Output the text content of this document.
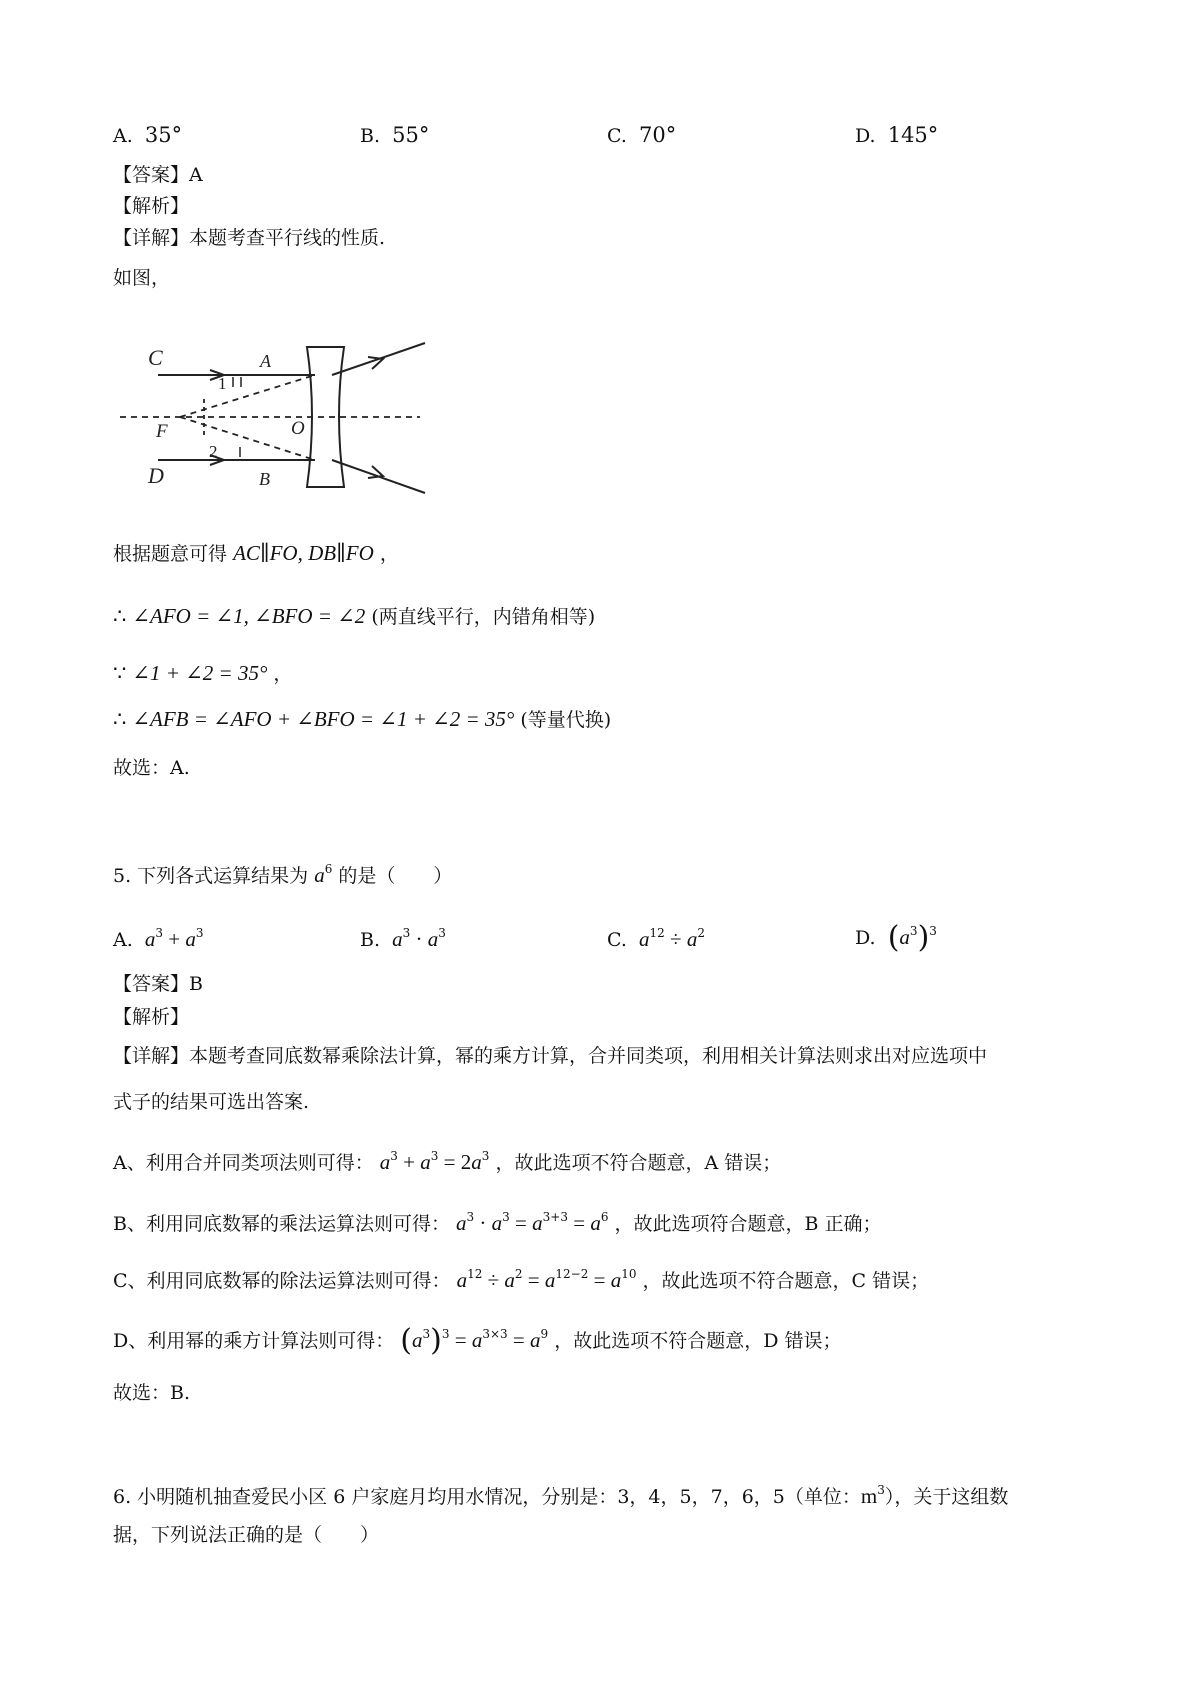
A. 35°	B. 55°	C. 70°	D. 145°
【答案】A
【解析】
【详解】本题考查平行线的性质.
如图，
C	A
F	O
D	B
1
2
根据题意可得 AC∥FO, DB∥FO ，
∴ ∠AFO = ∠1, ∠BFO = ∠2 (两直线平行，内错角相等)
∵ ∠1 + ∠2 = 35° ，
∴ ∠AFB = ∠AFO + ∠BFO = ∠1 + ∠2 = 35° (等量代换)
故选：A.
5. 下列各式运算结果为 $a^6$ 的是（　　）
A. $a^3 + a^3$	B. $a^3 \cdot a^3$	C. $a^{12} \div a^2$	D. $(a^3)^3$
【答案】B
【解析】
【详解】本题考查同底数幂乘除法计算，幂的乘方计算，合并同类项，利用相关计算法则求出对应选项中
式子的结果可选出答案.
A、利用合并同类项法则可得： $a^3 + a^3 = 2a^3$ ，故此选项不符合题意，A 错误；
B、利用同底数幂的乘法运算法则可得： $a^3 \cdot a^3 = a^{3+3} = a^6$ ，故此选项符合题意，B 正确；
C、利用同底数幂的除法运算法则可得： $a^{12} \div a^2 = a^{12-2} = a^{10}$ ，故此选项不符合题意，C 错误；
D、利用幂的乘方计算法则可得： $(a^3)^3 = a^{3\times 3} = a^9$ ，故此选项不符合题意，D 错误；
故选：B.
6. 小明随机抽查爱民小区 6 户家庭月均用水情况，分别是：3，4，5，7，6，5（单位：$m^3$），关于这组数
据，下列说法正确的是（　　）
